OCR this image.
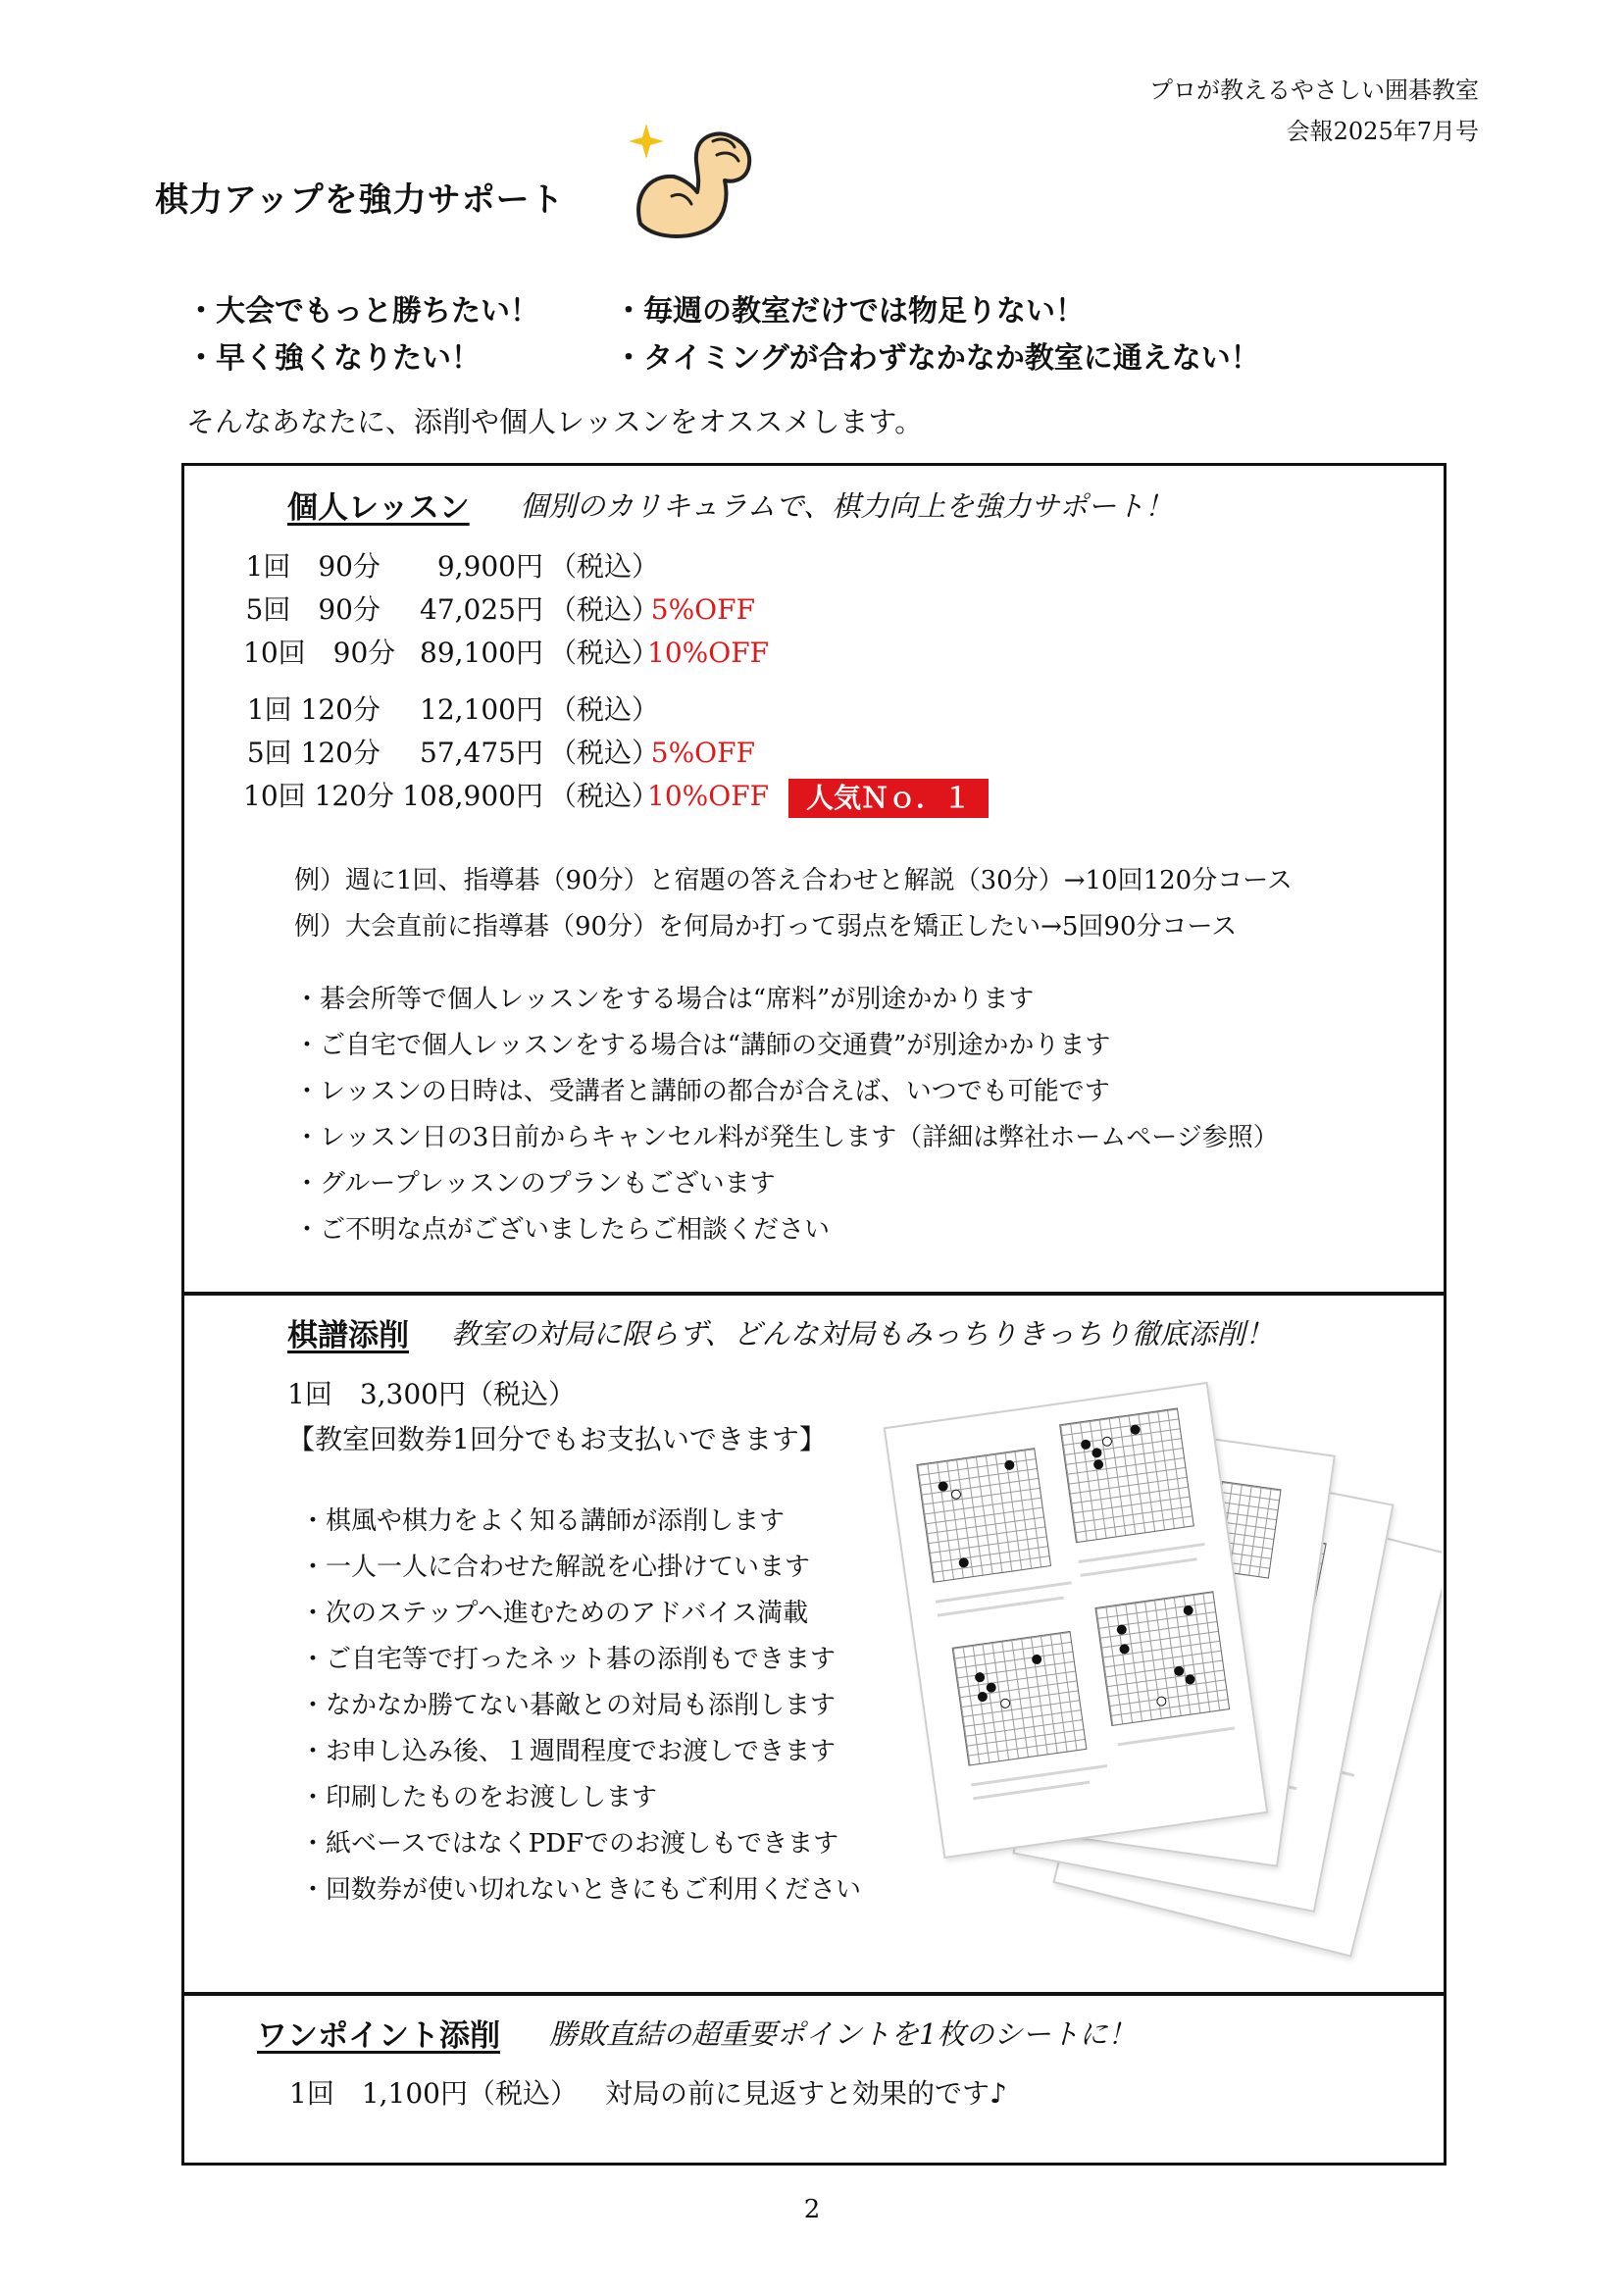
プロが教えるやさしい囲碁教室
会報2025年7月号
棋力アップを強力サポート
・大会でもっと勝ちたい！
・早く強くなりたい！
・毎週の教室だけでは物足りない！
・タイミングが合わずなかなか教室に通えない！
そんなあなたに、添削や個人レッスンをオススメします。
個人レッスン 個別のカリキュラムで、棋力向上を強力サポート！
1回　90分 9,900円 （税込）
5回　90分 47,025円 （税込）5%OFF
10回　90分 89,100円 （税込）10%OFF
1回 120分 12,100円 （税込）
5回 120分 57,475円 （税込）5%OFF
10回 120分 108,900円 （税込）10%OFF 人気Ｎｏ．１
例）週に1回、指導碁（90分）と宿題の答え合わせと解説（30分）→10回120分コース
例）大会直前に指導碁（90分）を何局か打って弱点を矯正したい→5回90分コース
・碁会所等で個人レッスンをする場合は“席料”が別途かかります
・ご自宅で個人レッスンをする場合は“講師の交通費”が別途かかります
・レッスンの日時は、受講者と講師の都合が合えば、いつでも可能です
・レッスン日の3日前からキャンセル料が発生します（詳細は弊社ホームページ参照）
・グループレッスンのプランもございます
・ご不明な点がございましたらご相談ください
棋譜添削 教室の対局に限らず、どんな対局もみっちりきっちり徹底添削！
1回　3,300円（税込）
【教室回数券1回分でもお支払いできます】
・棋風や棋力をよく知る講師が添削します
・一人一人に合わせた解説を心掛けています
・次のステップへ進むためのアドバイス満載
・ご自宅等で打ったネット碁の添削もできます
・なかなか勝てない碁敵との対局も添削します
・お申し込み後、１週間程度でお渡しできます
・印刷したものをお渡しします
・紙ベースではなくPDFでのお渡しもできます
・回数券が使い切れないときにもご利用ください
ワンポイント添削 勝敗直結の超重要ポイントを1枚のシートに！
1回　1,100円（税込） 対局の前に見返すと効果的です♪
2
